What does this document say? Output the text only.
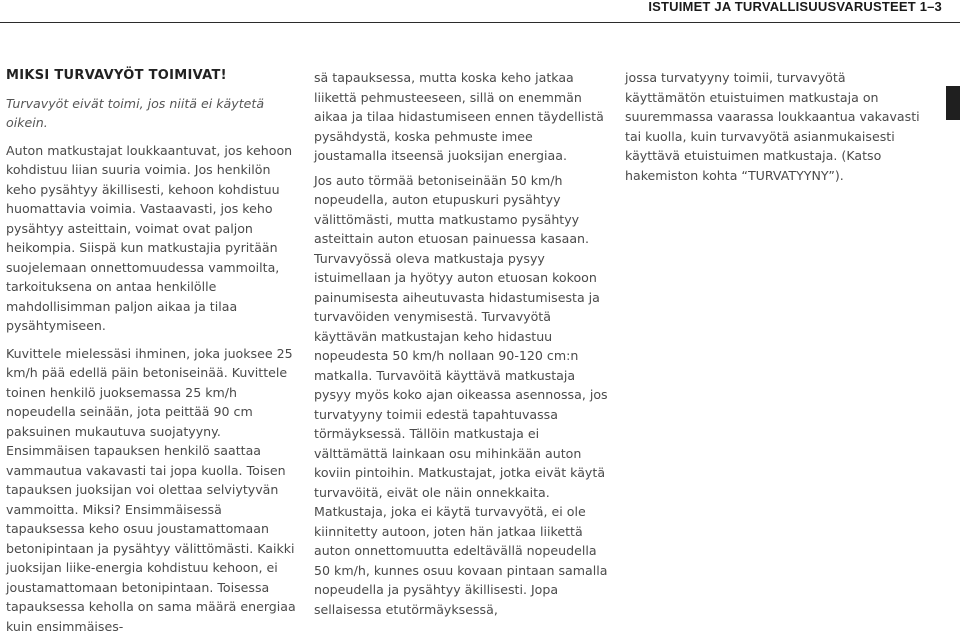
ISTUIMET JA TURVALLISUUSVARUSTEET 1–3

MIKSI TURVAVYÖT TOIMIVAT!

Turvavyöt eivät toimi, jos niitä ei käytetä oikein.

Auton matkustajat loukkaantuvat, jos kehoon kohdistuu liian suuria voimia. Jos henkilön keho pysähtyy äkillisesti, kehoon kohdistuu huomattavia voimia. Vastaavasti, jos keho pysähtyy asteittain, voimat ovat paljon heikompia. Siispä kun matkustajia pyritään suojelemaan onnettomuudessa vammoilta, tarkoituksena on antaa henkilölle mahdollisimman paljon aikaa ja tilaa pysähtymiseen.

Kuvittele mielessäsi ihminen, joka juoksee 25 km/h pää edellä päin betoniseinää. Kuvittele toinen henkilö juoksemassa 25 km/h nopeudella seinään, jota peittää 90 cm paksuinen mukautuva suojatyyny. Ensimmäisen tapauksen henkilö saattaa vammautua vakavasti tai jopa kuolla. Toisen tapauksen juoksijan voi olettaa selviytyvän vammoitta. Miksi? Ensimmäisessä tapauksessa keho osuu joustamattomaan betonipintaan ja pysähtyy välittömästi. Kaikki juoksijan liike-energia kohdistuu kehoon, ei joustamattomaan betonipintaan. Toisessa tapauksessa keholla on sama määrä energiaa kuin ensimmäises-

sä tapauksessa, mutta koska keho jatkaa liikettä pehmusteeseen, sillä on enemmän aikaa ja tilaa hidastumiseen ennen täydellistä pysähdystä, koska pehmuste imee joustamalla itseensä juoksijan energiaa.

Jos auto törmää betoniseinään 50 km/h nopeudella, auton etupuskuri pysähtyy välittömästi, mutta matkustamo pysähtyy asteittain auton etuosan painuessa kasaan. Turvavyössä oleva matkustaja pysyy istuimellaan ja hyötyy auton etuosan kokoon painumisesta aiheutuvasta hidastumisesta ja turvavöiden venymisestä. Turvavyötä käyttävän matkustajan keho hidastuu nopeudesta 50 km/h nollaan 90-120 cm:n matkalla. Turvavöitä käyttävä matkustaja pysyy myös koko ajan oikeassa asennossa, jos turvatyyny toimii edestä tapahtuvassa törmäyksessä. Tällöin matkustaja ei välttämättä lainkaan osu mihinkään auton koviin pintoihin. Matkustajat, jotka eivät käytä turvavöitä, eivät ole näin onnekkaita. Matkustaja, joka ei käytä turvavyötä, ei ole kiinnitetty autoon, joten hän jatkaa liikettä auton onnettomuutta edeltävällä nopeudella 50 km/h, kunnes osuu kovaan pintaan samalla nopeudella ja pysähtyy äkillisesti. Jopa sellaisessa etutörmäyksessä,

jossa turvatyyny toimii, turvavyötä käyttämätön etuistuimen matkustaja on suuremmassa vaarassa loukkaantua vakavasti tai kuolla, kuin turvavyötä asianmukaisesti käyttävä etuistuimen matkustaja. (Katso hakemiston kohta “TURVATYYNY”).
